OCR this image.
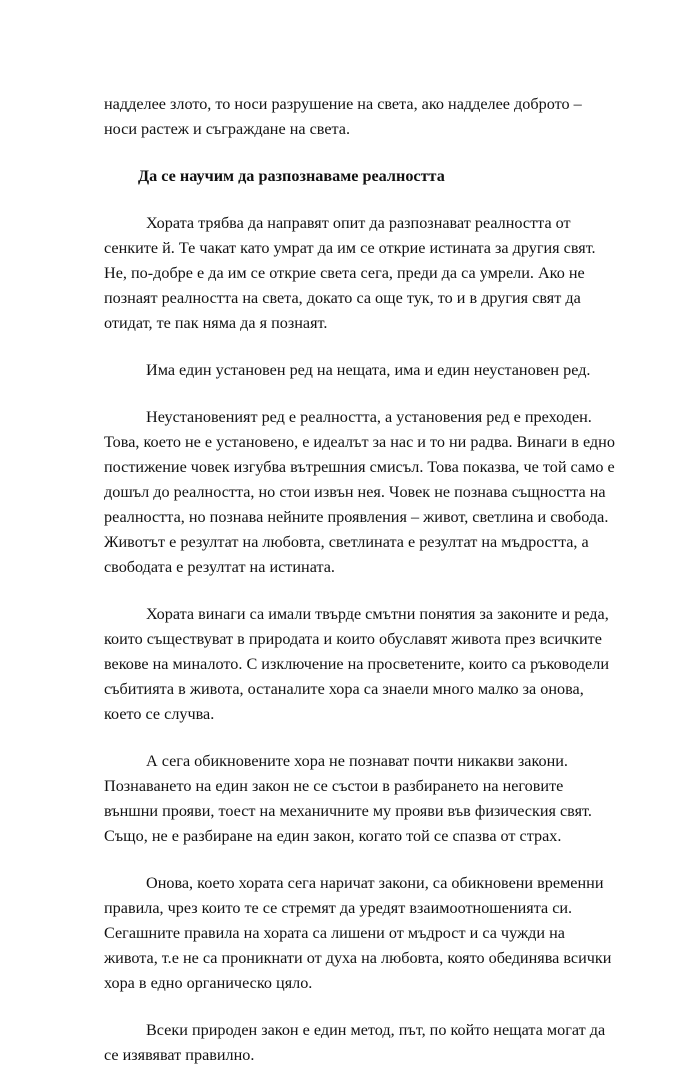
надделее злото, то носи разрушение на света, ако надделее доброто – носи растеж и съграждане на света.

Да се научим да разпознаваме реалността

Хората трябва да направят опит да разпознават реалността от сенките й. Те чакат като умрат да им се открие истината за другия свят. Не, по-добре е да им се открие света сега, преди да са умрели. Ако не познаят реалността на света, докато са още тук, то и в другия свят да отидат, те пак няма да я познаят.

Има един установен ред на нещата, има и един неустановен ред.

Неустановеният ред е реалността, а установения ред е преходен. Това, което не е установено, е идеалът за нас и то ни радва. Винаги в едно постижение човек изгубва вътрешния смисъл. Това показва, че той само е дошъл до реалността, но стои извън нея. Човек не познава същността на реалността, но познава нейните проявления – живот, светлина и свобода. Животът е резултат на любовта, светлината е резултат на мъдростта, а свободата е резултат на истината.

Хората винаги са имали твърде смътни понятия за законите и реда, които съществуват в природата и които обуславят живота през всичките векове на миналото. С изключение на просветените, които са ръководели събитията в живота, останалите хора са знаели много малко за онова, което се случва.

А сега обикновените хора не познават почти никакви закони. Познаването на един закон не се състои в разбирането на неговите външни прояви, тоест на механичните му прояви във физическия свят. Също, не е разбиране на един закон, когато той се спазва от страх.

Онова, което хората сега наричат закони, са обикновени временни правила, чрез които те се стремят да уредят взаимоотношенията си. Сегашните правила на хората са лишени от мъдрост и са чужди на живота, т.е не са проникнати от духа на любовта, която обединява всички хора в едно органическо цяло.

Всеки природен закон е един метод, път, по който нещата могат да се изявяват правилно.
